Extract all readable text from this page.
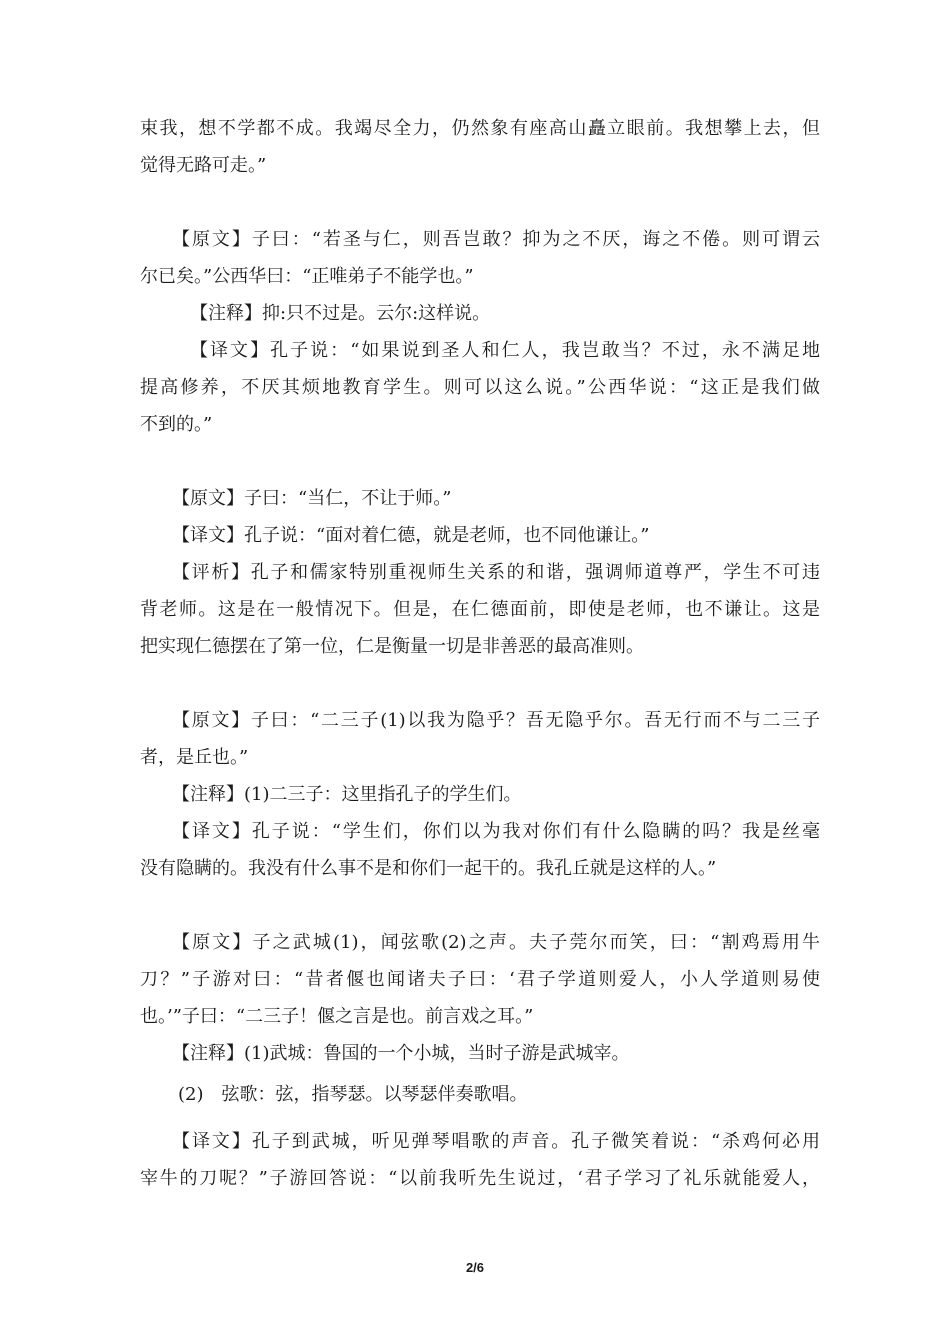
束我，想不学都不成。我竭尽全力，仍然象有座高山矗立眼前。我想攀上去，但
觉得无路可走。”
【原文】子曰：“若圣与仁，则吾岂敢？抑为之不厌，诲之不倦。则可谓云
尔已矣。”公西华曰：“正唯弟子不能学也。”
【注释】抑:只不过是。云尔:这样说。
【译文】孔子说：“如果说到圣人和仁人，我岂敢当？不过，永不满足地
提高修养，不厌其烦地教育学生。则可以这么说。”公西华说：“这正是我们做
不到的。”
【原文】子曰：“当仁，不让于师。”
【译文】孔子说：“面对着仁德，就是老师，也不同他谦让。”
【评析】孔子和儒家特别重视师生关系的和谐，强调师道尊严，学生不可违
背老师。这是在一般情况下。但是，在仁德面前，即使是老师，也不谦让。这是
把实现仁德摆在了第一位，仁是衡量一切是非善恶的最高准则。
【原文】子曰：“二三子(1)以我为隐乎？吾无隐乎尔。吾无行而不与二三子
者，是丘也。”
【注释】(1)二三子：这里指孔子的学生们。
【译文】孔子说：“学生们，你们以为我对你们有什么隐瞒的吗？我是丝毫
没有隐瞒的。我没有什么事不是和你们一起干的。我孔丘就是这样的人。”
【原文】子之武城(1)，闻弦歌(2)之声。夫子莞尔而笑，曰：“割鸡焉用牛
刀？”子游对曰：“昔者偃也闻诸夫子曰：‘君子学道则爱人，小人学道则易使
也。’”子曰：“二三子！偃之言是也。前言戏之耳。”
【注释】(1)武城：鲁国的一个小城，当时子游是武城宰。
(2)　弦歌：弦，指琴瑟。以琴瑟伴奏歌唱。
【译文】孔子到武城，听见弹琴唱歌的声音。孔子微笑着说：“杀鸡何必用
宰牛的刀呢？”子游回答说：“以前我听先生说过，‘君子学习了礼乐就能爱人，
2/6
